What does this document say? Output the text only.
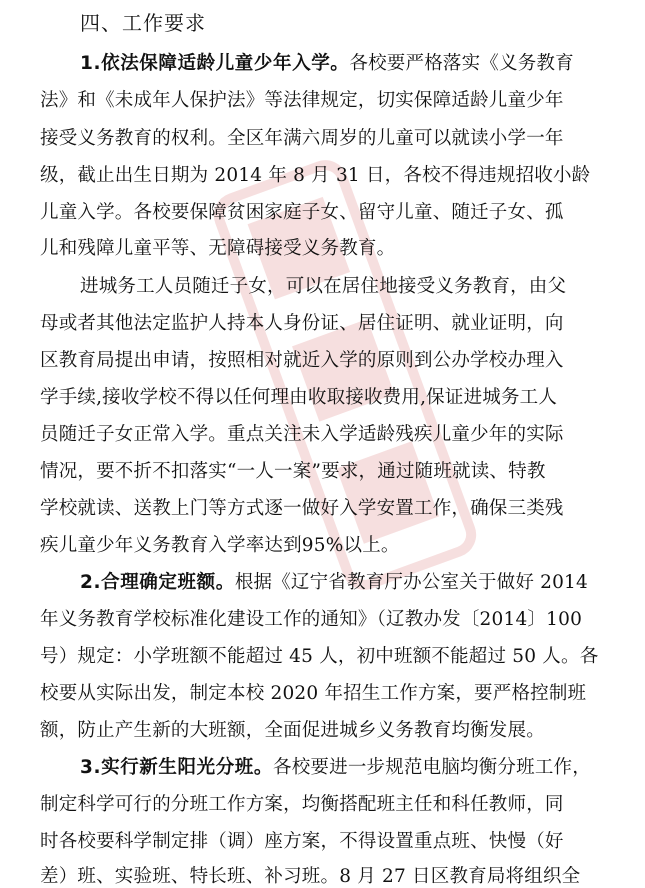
四、工作要求
1.依法保障适龄儿童少年入学。各校要严格落实《义务教育
法》和《未成年人保护法》等法律规定，切实保障适龄儿童少年
接受义务教育的权利。全区年满六周岁的儿童可以就读小学一年
级，截止出生日期为 2014 年 8 月 31 日，各校不得违规招收小龄
儿童入学。各校要保障贫困家庭子女、留守儿童、随迁子女、孤
儿和残障儿童平等、无障碍接受义务教育。
进城务工人员随迁子女，可以在居住地接受义务教育，由父
母或者其他法定监护人持本人身份证、居住证明、就业证明，向
区教育局提出申请，按照相对就近入学的原则到公办学校办理入
学手续,接收学校不得以任何理由收取接收费用,保证进城务工人
员随迁子女正常入学。重点关注未入学适龄残疾儿童少年的实际
情况，要不折不扣落实“一人一案”要求，通过随班就读、特教
学校就读、送教上门等方式逐一做好入学安置工作，确保三类残
疾儿童少年义务教育入学率达到95%以上。
2.合理确定班额。根据《辽宁省教育厅办公室关于做好 2014
年义务教育学校标准化建设工作的通知》（辽教办发〔2014〕100
号）规定：小学班额不能超过 45 人，初中班额不能超过 50 人。各
校要从实际出发，制定本校 2020 年招生工作方案，要严格控制班
额，防止产生新的大班额，全面促进城乡义务教育均衡发展。
3.实行新生阳光分班。各校要进一步规范电脑均衡分班工作，
制定科学可行的分班工作方案，均衡搭配班主任和科任教师，同
时各校要科学制定排（调）座方案，不得设置重点班、快慢（好
差）班、实验班、特长班、补习班。8 月 27 日区教育局将组织全
